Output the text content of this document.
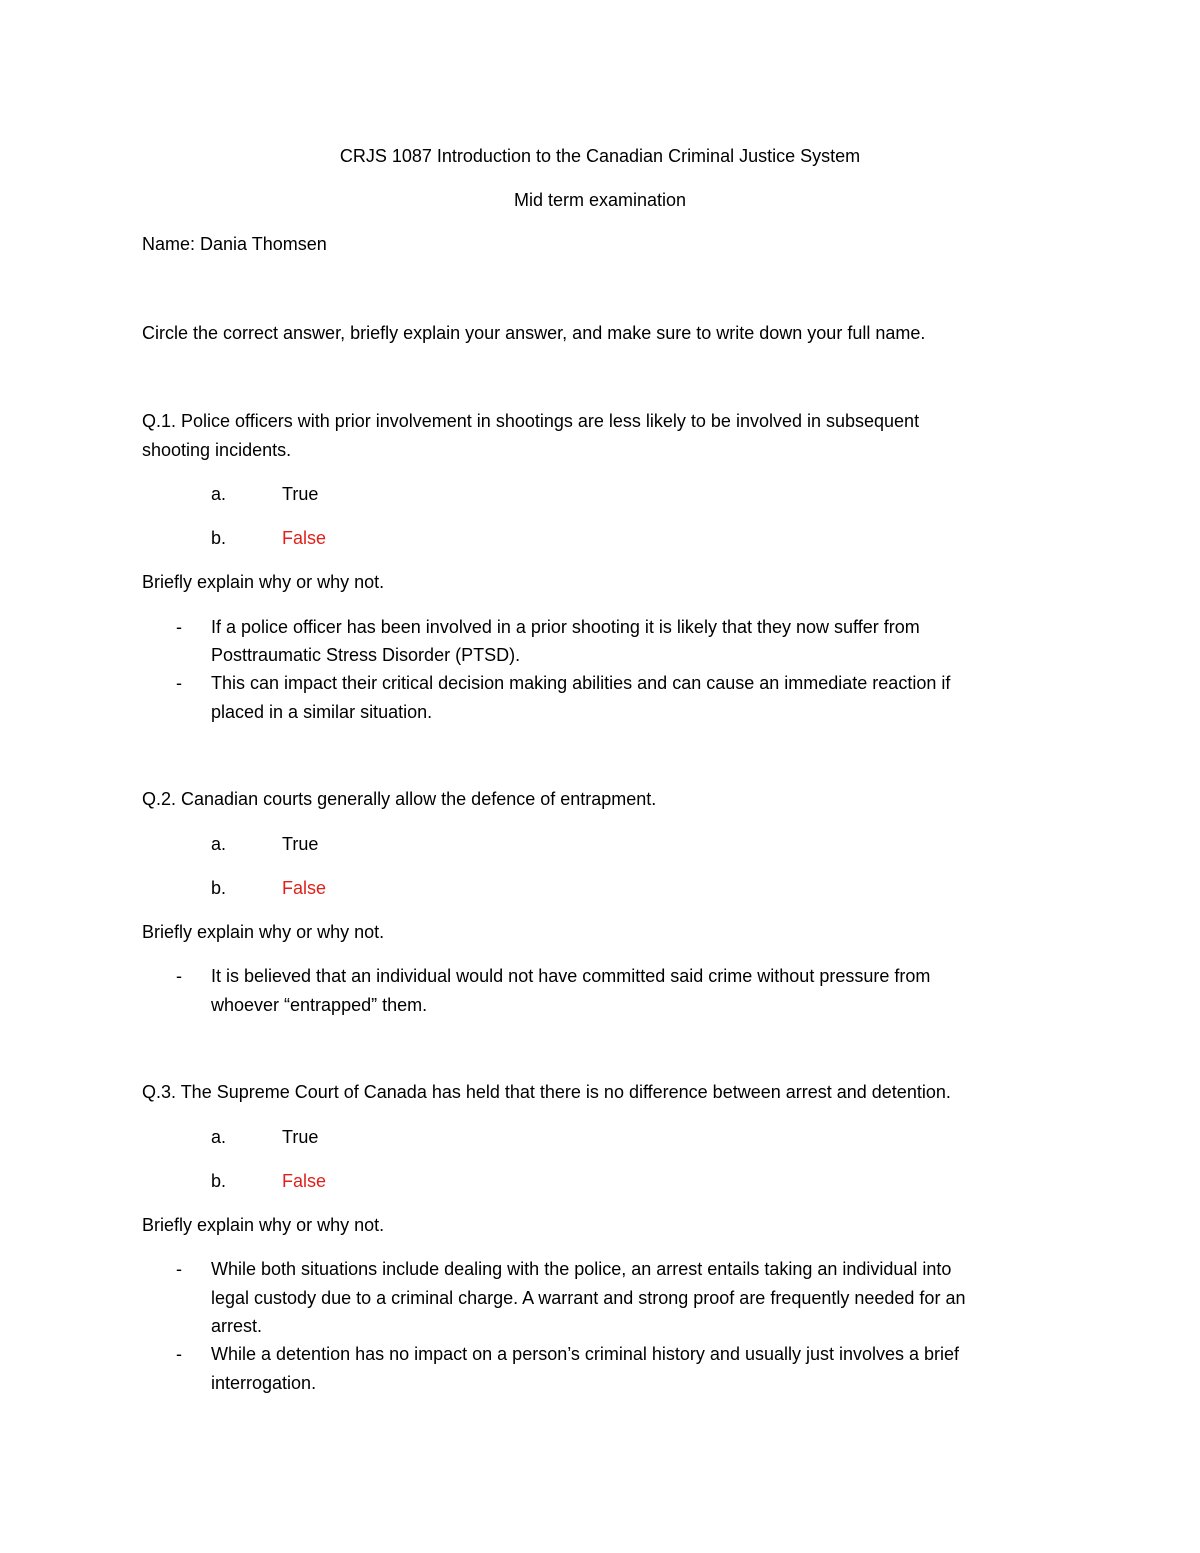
CRJS 1087 Introduction to the Canadian Criminal Justice System
Mid term examination
Name: Dania Thomsen
Circle the correct answer, briefly explain your answer, and make sure to write down your full name.
Q.1. Police officers with prior involvement in shootings are less likely to be involved in subsequent
shooting incidents.
a.	True
b.	False
Briefly explain why or why not.
- If a police officer has been involved in a prior shooting it is likely that they now suffer from
Posttraumatic Stress Disorder (PTSD).
- This can impact their critical decision making abilities and can cause an immediate reaction if
placed in a similar situation.
Q.2. Canadian courts generally allow the defence of entrapment.
a.	True
b.	False
Briefly explain why or why not.
- It is believed that an individual would not have committed said crime without pressure from
whoever “entrapped” them.
Q.3. The Supreme Court of Canada has held that there is no difference between arrest and detention.
a.	True
b.	False
Briefly explain why or why not.
- While both situations include dealing with the police, an arrest entails taking an individual into
legal custody due to a criminal charge. A warrant and strong proof are frequently needed for an
arrest.
- While a detention has no impact on a person’s criminal history and usually just involves a brief
interrogation.
